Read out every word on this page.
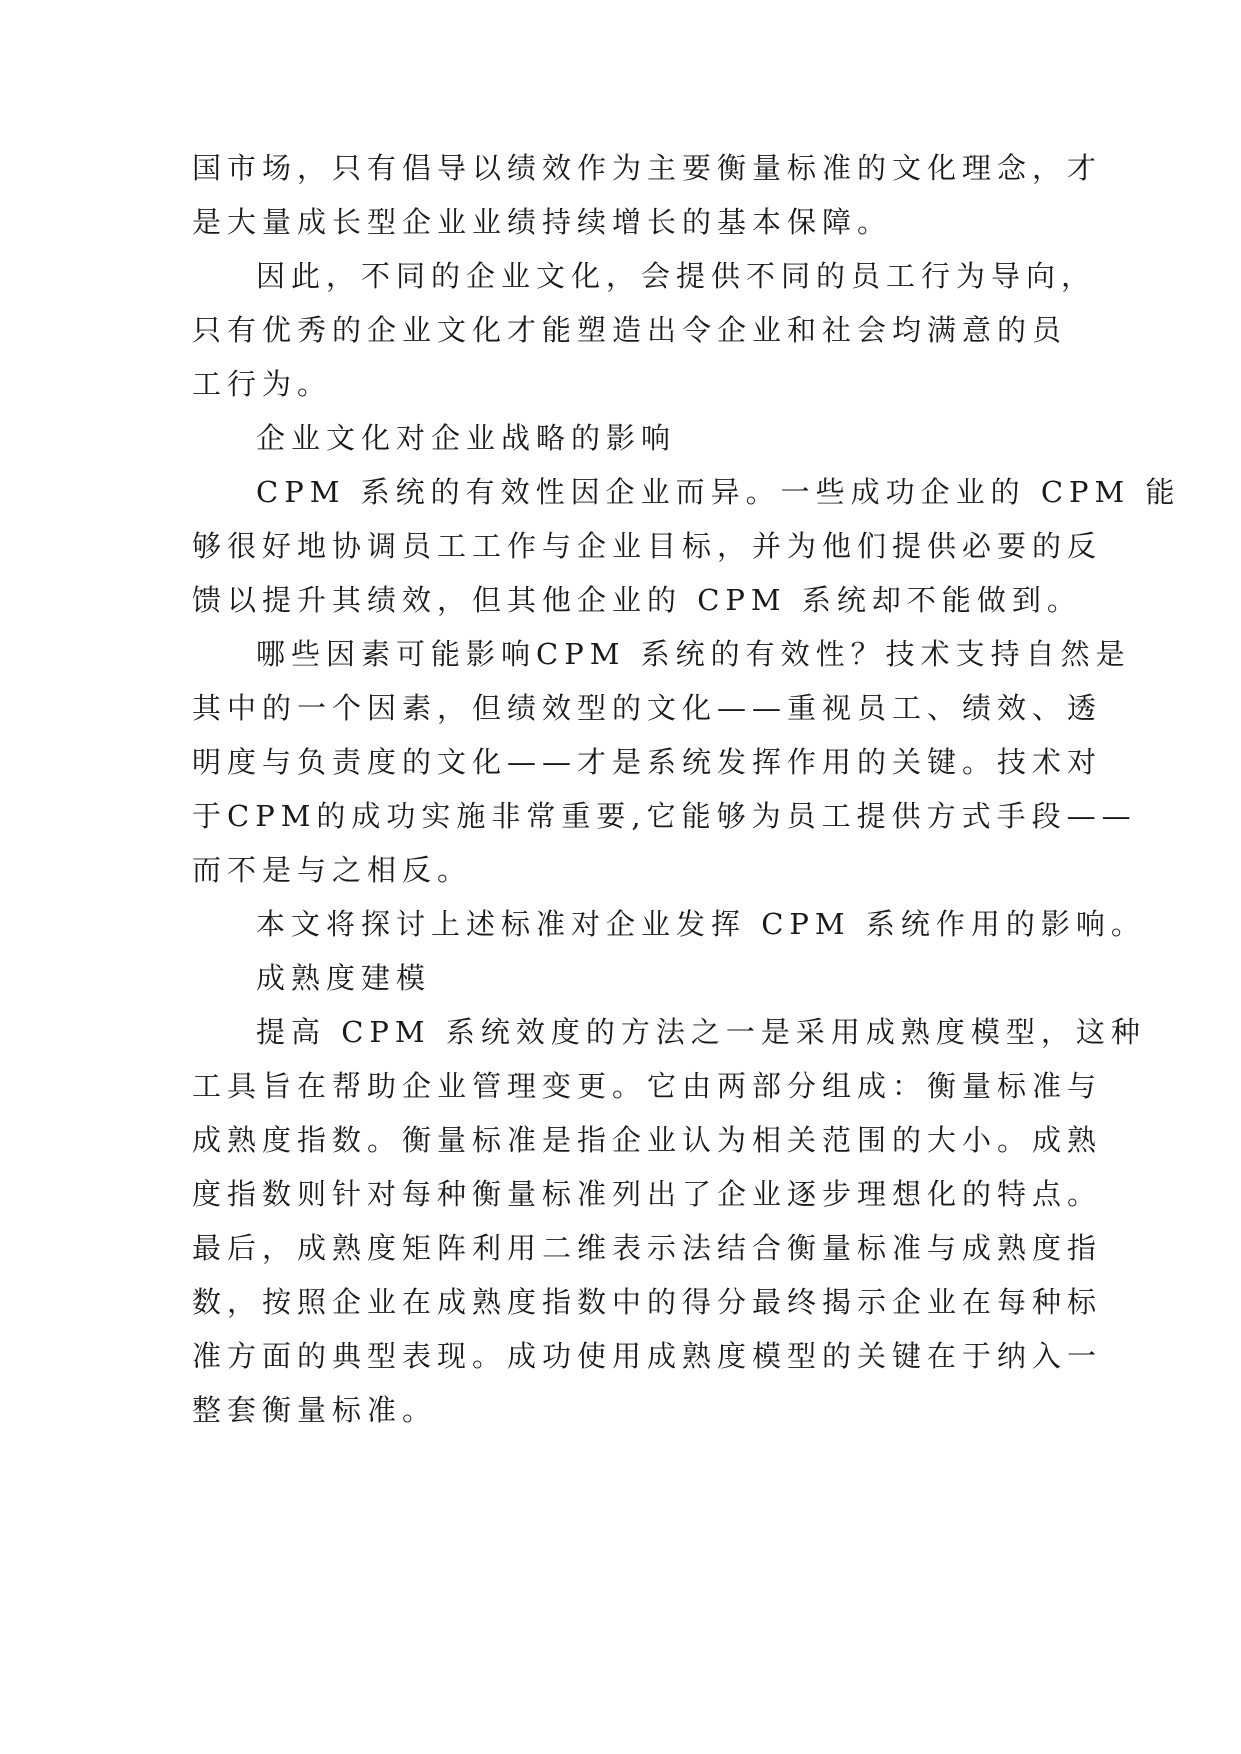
国市场，只有倡导以绩效作为主要衡量标准的文化理念，才
是大量成长型企业业绩持续增长的基本保障。
因此，不同的企业文化，会提供不同的员工行为导向，
只有优秀的企业文化才能塑造出令企业和社会均满意的员
工行为。
企业文化对企业战略的影响
CPM 系统的有效性因企业而异。一些成功企业的 CPM 能
够很好地协调员工工作与企业目标，并为他们提供必要的反
馈以提升其绩效，但其他企业的 CPM 系统却不能做到。
哪些因素可能影响CPM 系统的有效性？技术支持自然是
其中的一个因素，但绩效型的文化——重视员工、绩效、透
明度与负责度的文化——才是系统发挥作用的关键。技术对
于CPM的成功实施非常重要,它能够为员工提供方式手段——
而不是与之相反。
本文将探讨上述标准对企业发挥 CPM 系统作用的影响。
成熟度建模
提高 CPM 系统效度的方法之一是采用成熟度模型，这种
工具旨在帮助企业管理变更。它由两部分组成：衡量标准与
成熟度指数。衡量标准是指企业认为相关范围的大小。成熟
度指数则针对每种衡量标准列出了企业逐步理想化的特点。
最后，成熟度矩阵利用二维表示法结合衡量标准与成熟度指
数，按照企业在成熟度指数中的得分最终揭示企业在每种标
准方面的典型表现。成功使用成熟度模型的关键在于纳入一
整套衡量标准。
